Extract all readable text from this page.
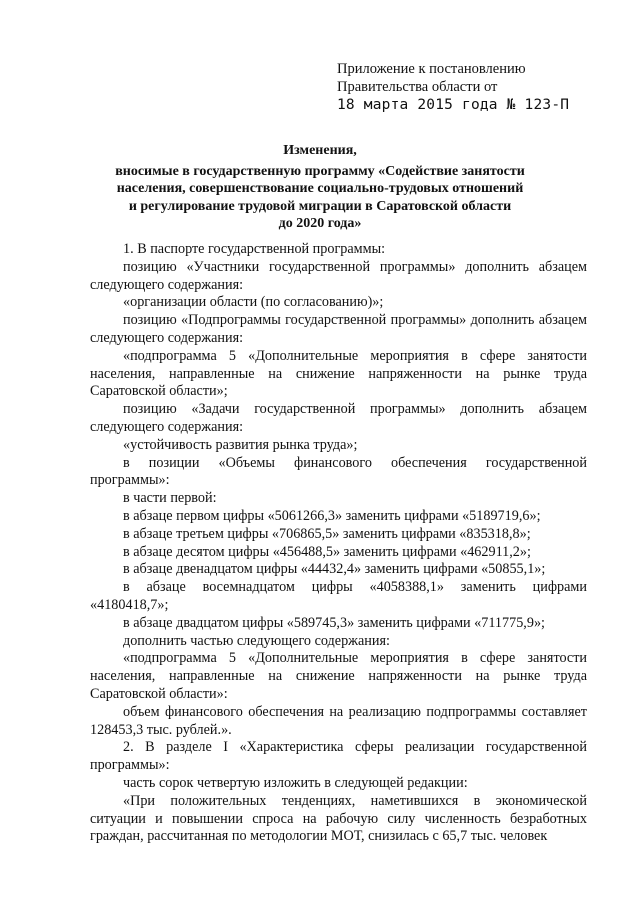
Приложение к постановлению
Правительства области от
18 марта 2015 года № 123-П
Изменения,
вносимые в государственную программу «Содействие занятости
населения, совершенствование социально-трудовых отношений
и регулирование трудовой миграции в Саратовской области
до 2020 года»

1. В паспорте государственной программы:

позицию «Участники государственной программы» дополнить абзацем следующего содержания:

«организации области (по согласованию)»;

позицию «Подпрограммы государственной программы» дополнить абзацем следующего содержания:

«подпрограмма 5 «Дополнительные мероприятия в сфере занятости населения, направленные на снижение напряженности на рынке труда Саратовской области»;

позицию «Задачи государственной программы» дополнить абзацем следующего содержания:

«устойчивость развития рынка труда»;

в позиции «Объемы финансового обеспечения государственной программы»:

в части первой:

в абзаце первом цифры «5061266,3» заменить цифрами «5189719,6»;

в абзаце третьем цифры «706865,5» заменить цифрами «835318,8»;

в абзаце десятом цифры «456488,5» заменить цифрами «462911,2»;

в абзаце двенадцатом цифры «44432,4» заменить цифрами «50855,1»;

в абзаце восемнадцатом цифры «4058388,1» заменить цифрами «4180418,7»;

в абзаце двадцатом цифры «589745,3» заменить цифрами «711775,9»;

дополнить частью следующего содержания:

«подпрограмма 5 «Дополнительные мероприятия в сфере занятости населения, направленные на снижение напряженности на рынке труда Саратовской области»:

объем финансового обеспечения на реализацию подпрограммы составляет 128453,3 тыс. рублей.».

2. В разделе I «Характеристика сферы реализации государственной программы»:

часть сорок четвертую изложить в следующей редакции:

«При положительных тенденциях, наметившихся в экономической ситуации и повышении спроса на рабочую силу численность безработных граждан, рассчитанная по методологии МОТ, снизилась с 65,7 тыс. человек
